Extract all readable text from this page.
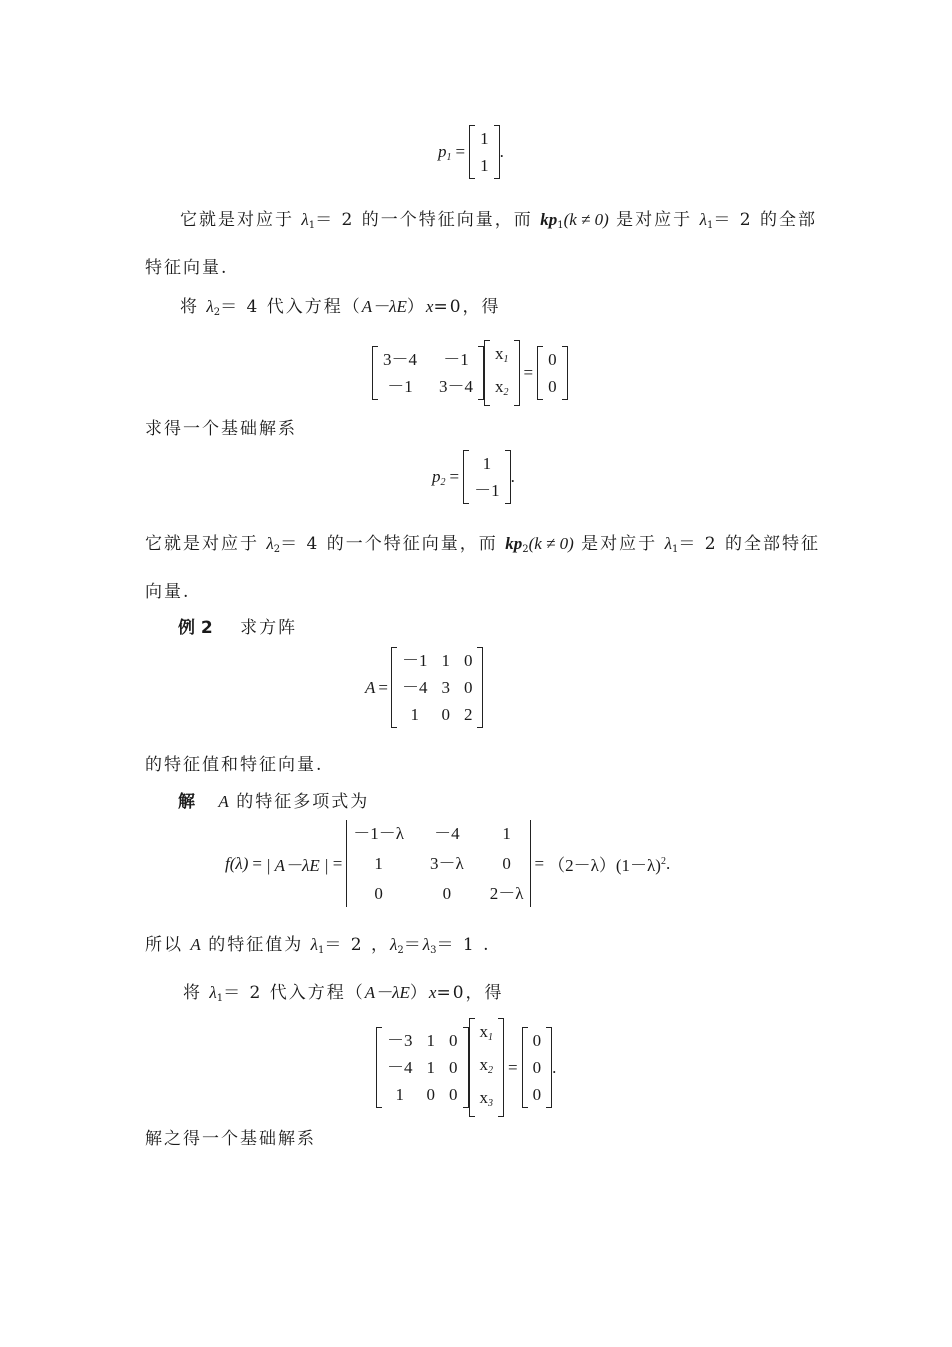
$p_1$ =
1
1
.
它就是对应于 $\lambda_1= 2$ 的一个特征向量，而 $kp_1(k \ne 0)$ 是对应于 $\lambda_1= 2$ 的全部
特征向量.
将 $\lambda_2= 4$ 代入方程（A－λE）x=0，得
3－4 －1
－1 3－4
$x_1$
$x_2$
=
0
0
求得一个基础解系
$p_2$ =
1
－1
.
它就是对应于 $\lambda_2= 4$ 的一个特征向量，而 $kp_2(k \ne 0)$ 是对应于 $\lambda_1= 2$ 的全部特征
向量.
例 2 求方阵
A =
－1 1 0
－4 3 0
1	0 2
的特征值和特征向量.
解 A 的特征多项式为
f(λ) = | A－λE | =
－1－λ －4	1
1	3－λ	0
0	0	2－λ
= $(2-\lambda)(1-\lambda)^2$ .
所以 A 的特征值为 $\lambda_1= 2$ ，$\lambda_2=\lambda_3= 1$ .
将 $\lambda_1= 2$ 代入方程（A－λE）x=0，得
－3 1 0
－4 1 0
1	0 0
$x_1$
$x_2$
$x_3$
=
0
0
0
.
解之得一个基础解系
